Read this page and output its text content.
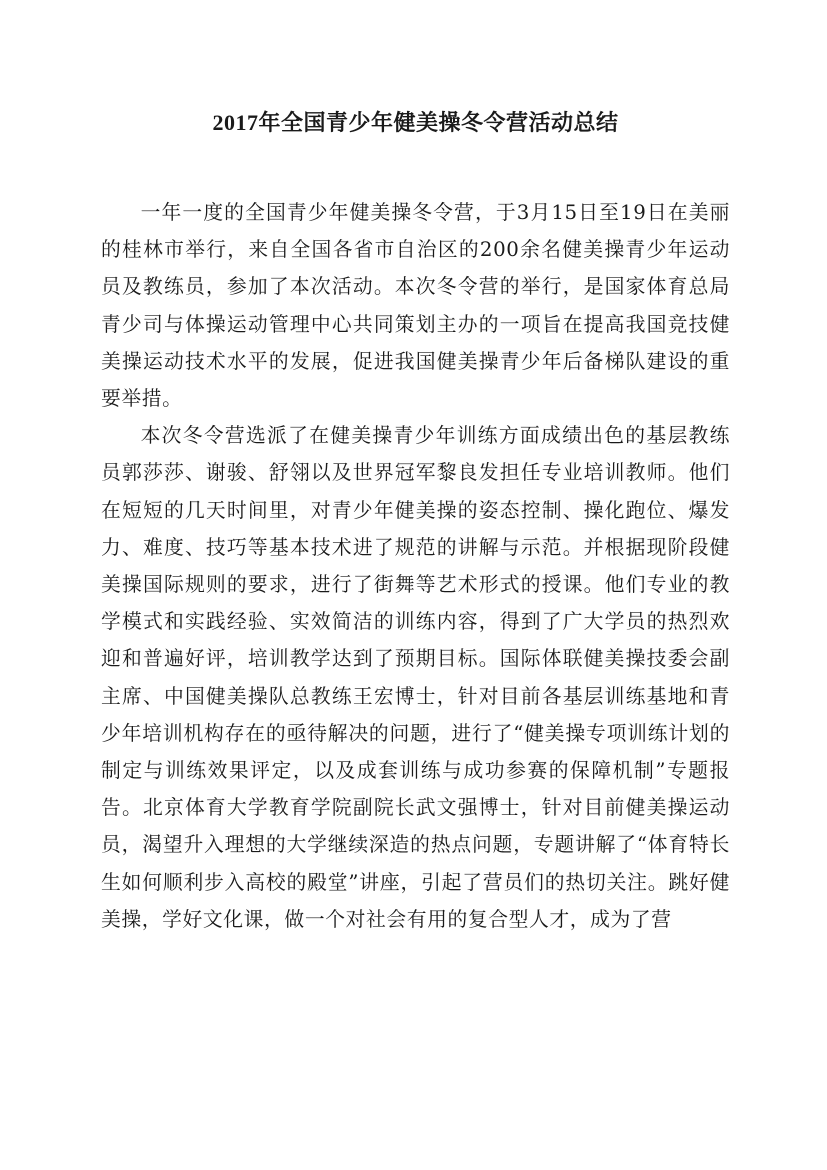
2017年全国青少年健美操冬令营活动总结

一年一度的全国青少年健美操冬令营，于3月15日至19日在美丽的桂林市举行，来自全国各省市自治区的200余名健美操青少年运动员及教练员，参加了本次活动。本次冬令营的举行，是国家体育总局青少司与体操运动管理中心共同策划主办的一项旨在提高我国竞技健美操运动技术水平的发展，促进我国健美操青少年后备梯队建设的重要举措。

本次冬令营选派了在健美操青少年训练方面成绩出色的基层教练员郭莎莎、谢骏、舒翎以及世界冠军黎良发担任专业培训教师。他们在短短的几天时间里，对青少年健美操的姿态控制、操化跑位、爆发力、难度、技巧等基本技术进了规范的讲解与示范。并根据现阶段健美操国际规则的要求，进行了街舞等艺术形式的授课。他们专业的教学模式和实践经验、实效简洁的训练内容，得到了广大学员的热烈欢迎和普遍好评，培训教学达到了预期目标。国际体联健美操技委会副主席、中国健美操队总教练王宏博士，针对目前各基层训练基地和青少年培训机构存在的亟待解决的问题，进行了“健美操专项训练计划的制定与训练效果评定，以及成套训练与成功参赛的保障机制”专题报告。北京体育大学教育学院副院长武文强博士，针对目前健美操运动员，渴望升入理想的大学继续深造的热点问题，专题讲解了“体育特长生如何顺利步入高校的殿堂”讲座，引起了营员们的热切关注。跳好健美操，学好文化课，做一个对社会有用的复合型人才，成为了营
